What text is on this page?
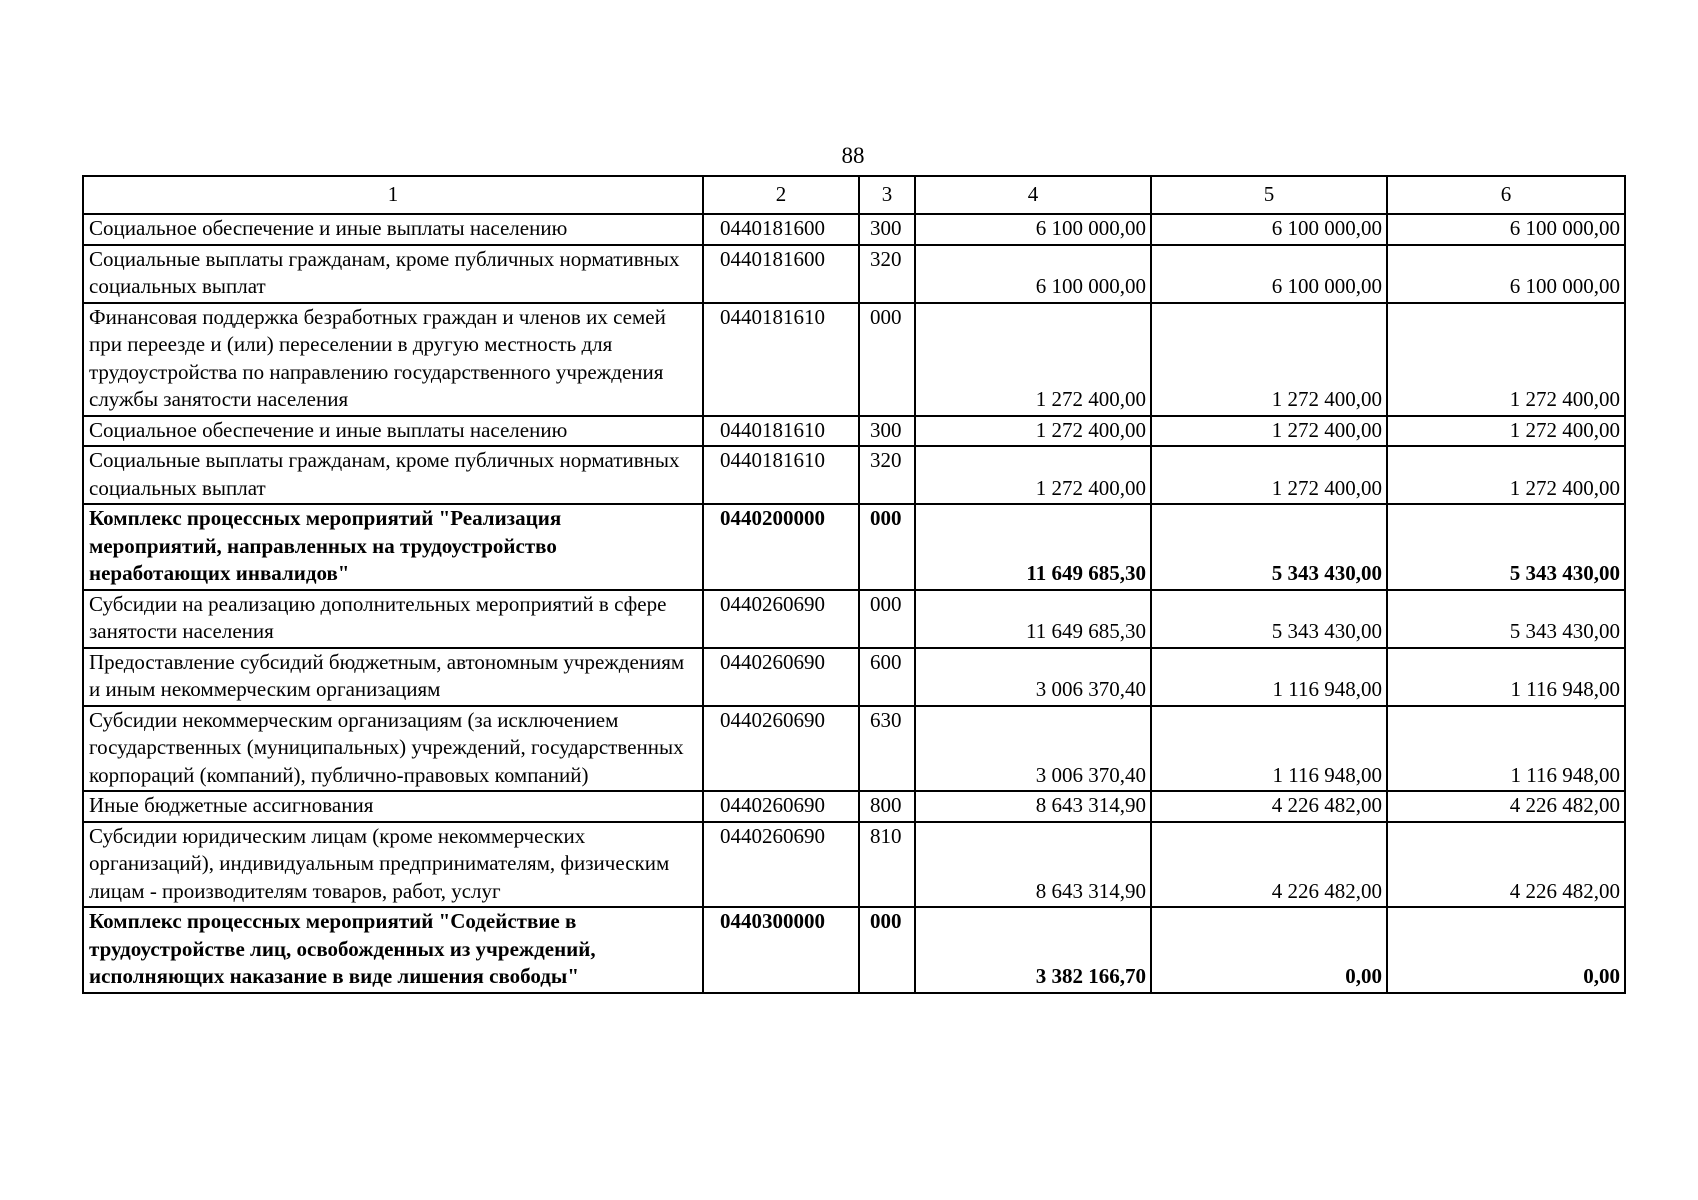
88
1	2	3	4	5	6
Социальное обеспечение и иные выплаты населению	0440181600	300	6 100 000,00	6 100 000,00	6 100 000,00
Социальные выплаты гражданам, кроме публичных нормативных социальных выплат	0440181600	320	6 100 000,00	6 100 000,00	6 100 000,00
Финансовая поддержка безработных граждан и членов их семей при переезде и (или) переселении в другую местность для трудоустройства по направлению государственного учреждения службы занятости населения	0440181610	000	1 272 400,00	1 272 400,00	1 272 400,00
Социальное обеспечение и иные выплаты населению	0440181610	300	1 272 400,00	1 272 400,00	1 272 400,00
Социальные выплаты гражданам, кроме публичных нормативных социальных выплат	0440181610	320	1 272 400,00	1 272 400,00	1 272 400,00
Комплекс процессных мероприятий "Реализация мероприятий, направленных на трудоустройство неработающих инвалидов"	0440200000	000	11 649 685,30	5 343 430,00	5 343 430,00
Субсидии на реализацию дополнительных мероприятий в сфере занятости населения	0440260690	000	11 649 685,30	5 343 430,00	5 343 430,00
Предоставление субсидий бюджетным, автономным учреждениям и иным некоммерческим организациям	0440260690	600	3 006 370,40	1 116 948,00	1 116 948,00
Субсидии некоммерческим организациям (за исключением государственных (муниципальных) учреждений, государственных корпораций (компаний), публично-правовых компаний)	0440260690	630	3 006 370,40	1 116 948,00	1 116 948,00
Иные бюджетные ассигнования	0440260690	800	8 643 314,90	4 226 482,00	4 226 482,00
Субсидии юридическим лицам (кроме некоммерческих организаций), индивидуальным предпринимателям, физическим лицам - производителям товаров, работ, услуг	0440260690	810	8 643 314,90	4 226 482,00	4 226 482,00
Комплекс процессных мероприятий "Содействие в трудоустройстве лиц, освобожденных из учреждений, исполняющих наказание в виде лишения свободы"	0440300000	000	3 382 166,70	0,00	0,00
